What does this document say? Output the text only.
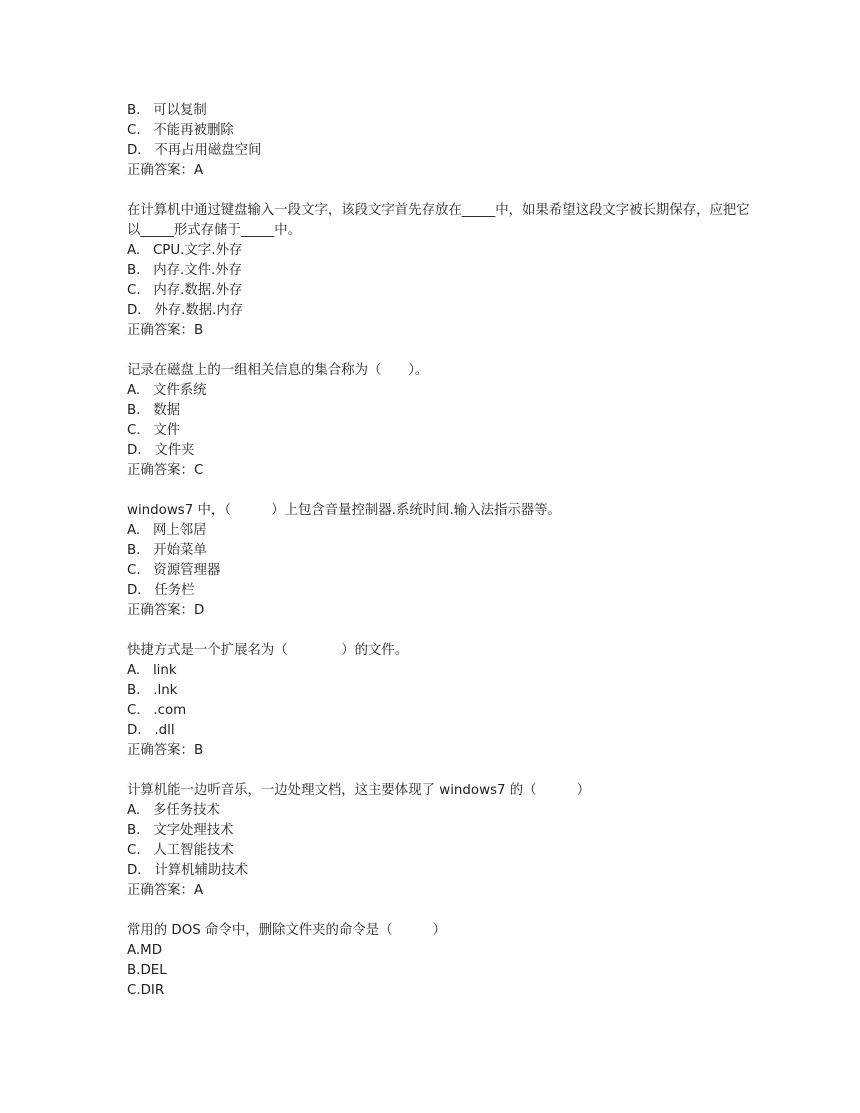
B.   可以复制

C.   不能再被删除

D.   不再占用磁盘空间

正确答案：A

在计算机中通过键盘输入一段文字，该段文字首先存放在_____中，如果希望这段文字被长期保存，应把它以_____形式存储于_____中。

A.   CPU.文字.外存

B.   内存.文件.外存

C.   内存.数据.外存

D.   外存.数据.内存

正确答案：B

记录在磁盘上的一组相关信息的集合称为（　　）。

A.   文件系统

B.   数据

C.   文件

D.   文件夹

正确答案：C

windows7 中，（　　　）上包含音量控制器.系统时间.输入法指示器等。

A.   网上邻居

B.   开始菜单

C.   资源管理器

D.   任务栏

正确答案：D

快捷方式是一个扩展名为（　　　　）的文件。

A.   link

B.   .lnk

C.   .com

D.   .dll

正确答案：B

计算机能一边听音乐，一边处理文档，这主要体现了 windows7 的（　　　）

A.   多任务技术

B.   文字处理技术

C.   人工智能技术

D.   计算机辅助技术

正确答案：A

常用的 DOS 命令中，删除文件夹的命令是（　　　）

A.MD

B.DEL

C.DIR
